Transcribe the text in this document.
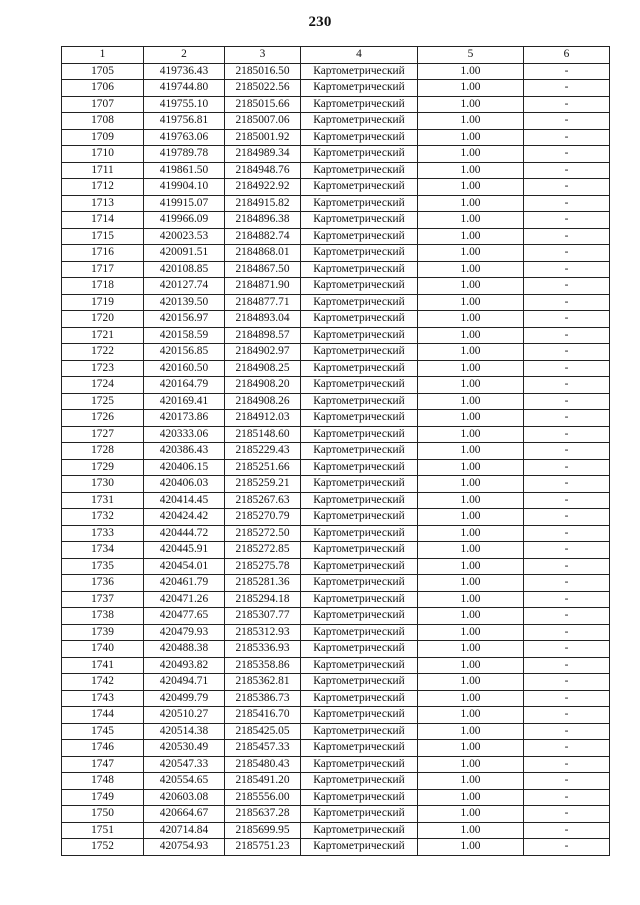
230
1	2	3	4	5	6
1705	419736.43	2185016.50	Картометрический	1.00	-
1706	419744.80	2185022.56	Картометрический	1.00	-
1707	419755.10	2185015.66	Картометрический	1.00	-
1708	419756.81	2185007.06	Картометрический	1.00	-
1709	419763.06	2185001.92	Картометрический	1.00	-
1710	419789.78	2184989.34	Картометрический	1.00	-
1711	419861.50	2184948.76	Картометрический	1.00	-
1712	419904.10	2184922.92	Картометрический	1.00	-
1713	419915.07	2184915.82	Картометрический	1.00	-
1714	419966.09	2184896.38	Картометрический	1.00	-
1715	420023.53	2184882.74	Картометрический	1.00	-
1716	420091.51	2184868.01	Картометрический	1.00	-
1717	420108.85	2184867.50	Картометрический	1.00	-
1718	420127.74	2184871.90	Картометрический	1.00	-
1719	420139.50	2184877.71	Картометрический	1.00	-
1720	420156.97	2184893.04	Картометрический	1.00	-
1721	420158.59	2184898.57	Картометрический	1.00	-
1722	420156.85	2184902.97	Картометрический	1.00	-
1723	420160.50	2184908.25	Картометрический	1.00	-
1724	420164.79	2184908.20	Картометрический	1.00	-
1725	420169.41	2184908.26	Картометрический	1.00	-
1726	420173.86	2184912.03	Картометрический	1.00	-
1727	420333.06	2185148.60	Картометрический	1.00	-
1728	420386.43	2185229.43	Картометрический	1.00	-
1729	420406.15	2185251.66	Картометрический	1.00	-
1730	420406.03	2185259.21	Картометрический	1.00	-
1731	420414.45	2185267.63	Картометрический	1.00	-
1732	420424.42	2185270.79	Картометрический	1.00	-
1733	420444.72	2185272.50	Картометрический	1.00	-
1734	420445.91	2185272.85	Картометрический	1.00	-
1735	420454.01	2185275.78	Картометрический	1.00	-
1736	420461.79	2185281.36	Картометрический	1.00	-
1737	420471.26	2185294.18	Картометрический	1.00	-
1738	420477.65	2185307.77	Картометрический	1.00	-
1739	420479.93	2185312.93	Картометрический	1.00	-
1740	420488.38	2185336.93	Картометрический	1.00	-
1741	420493.82	2185358.86	Картометрический	1.00	-
1742	420494.71	2185362.81	Картометрический	1.00	-
1743	420499.79	2185386.73	Картометрический	1.00	-
1744	420510.27	2185416.70	Картометрический	1.00	-
1745	420514.38	2185425.05	Картометрический	1.00	-
1746	420530.49	2185457.33	Картометрический	1.00	-
1747	420547.33	2185480.43	Картометрический	1.00	-
1748	420554.65	2185491.20	Картометрический	1.00	-
1749	420603.08	2185556.00	Картометрический	1.00	-
1750	420664.67	2185637.28	Картометрический	1.00	-
1751	420714.84	2185699.95	Картометрический	1.00	-
1752	420754.93	2185751.23	Картометрический	1.00	-
